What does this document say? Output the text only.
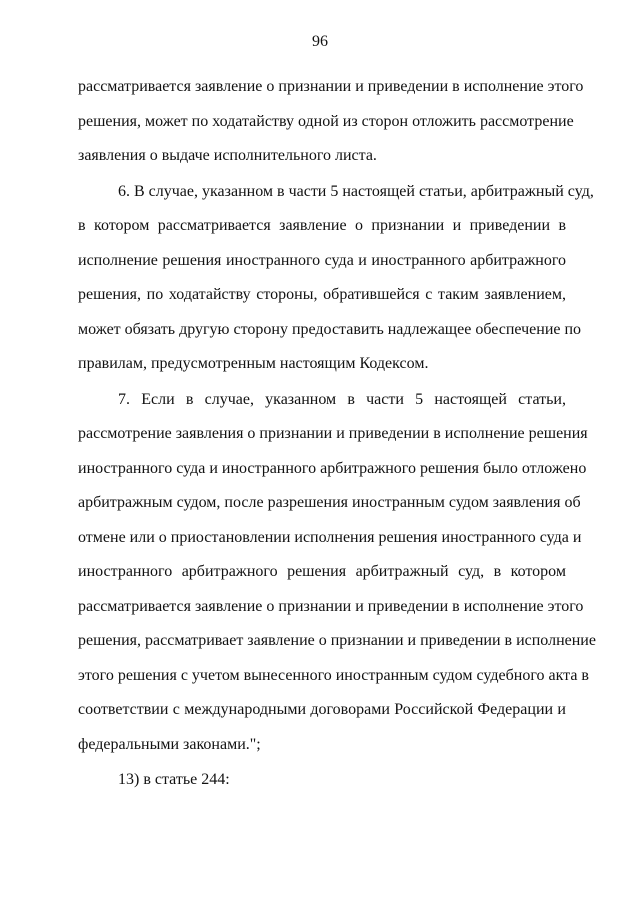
96
рассматривается заявление о признании и приведении в исполнение этого
решения, может по ходатайству одной из сторон отложить рассмотрение
заявления о выдаче исполнительного листа.
6. В случае, указанном в части 5 настоящей статьи, арбитражный суд,
в котором рассматривается заявление о признании и приведении в
исполнение решения иностранного суда и иностранного арбитражного
решения, по ходатайству стороны, обратившейся с таким заявлением,
может обязать другую сторону предоставить надлежащее обеспечение по
правилам, предусмотренным настоящим Кодексом.
7. Если в случае, указанном в части 5 настоящей статьи,
рассмотрение заявления о признании и приведении в исполнение решения
иностранного суда и иностранного арбитражного решения было отложено
арбитражным судом, после разрешения иностранным судом заявления об
отмене или о приостановлении исполнения решения иностранного суда и
иностранного арбитражного решения арбитражный суд, в котором
рассматривается заявление о признании и приведении в исполнение этого
решения, рассматривает заявление о признании и приведении в исполнение
этого решения с учетом вынесенного иностранным судом судебного акта в
соответствии с международными договорами Российской Федерации и
федеральными законами.";
13) в статье 244:
